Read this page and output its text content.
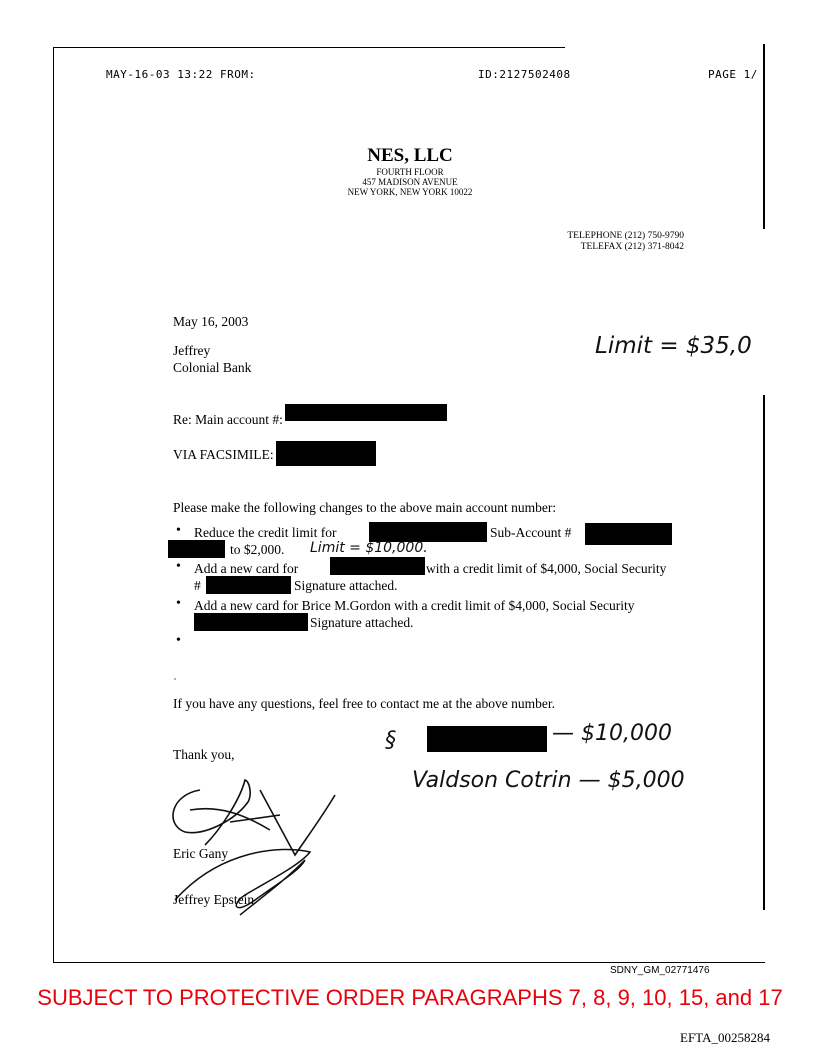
MAY-16-03 13:22 FROM:	ID:2127502408	PAGE 1/
NES, LLC
FOURTH FLOOR
457 MADISON AVENUE
NEW YORK, NEW YORK 10022
TELEPHONE (212) 750-9790
TELEFAX (212) 371-8042
May 16, 2003
Jeffrey
Colonial Bank
Limit = $35,0
Re: Main account #:
VIA FACSIMILE:
Please make the following changes to the above main account number:
• Reduce the credit limit for	Sub-Account #
to $2,000. Limit = $10,000.
• Add a new card for	with a credit limit of $4,000, Social Security
#	Signature attached.
• Add a new card for Brice M.Gordon with a credit limit of $4,000, Social Security
Signature attached.
•
If you have any questions, feel free to contact me at the above number.
§	— $10,000
Valdson Cotrin — $5,000
Thank you,
Eric Gany
Jeffrey Epstein
SDNY_GM_02771476
SUBJECT TO PROTECTIVE ORDER PARAGRAPHS 7, 8, 9, 10, 15, and 17
EFTA_00258284
